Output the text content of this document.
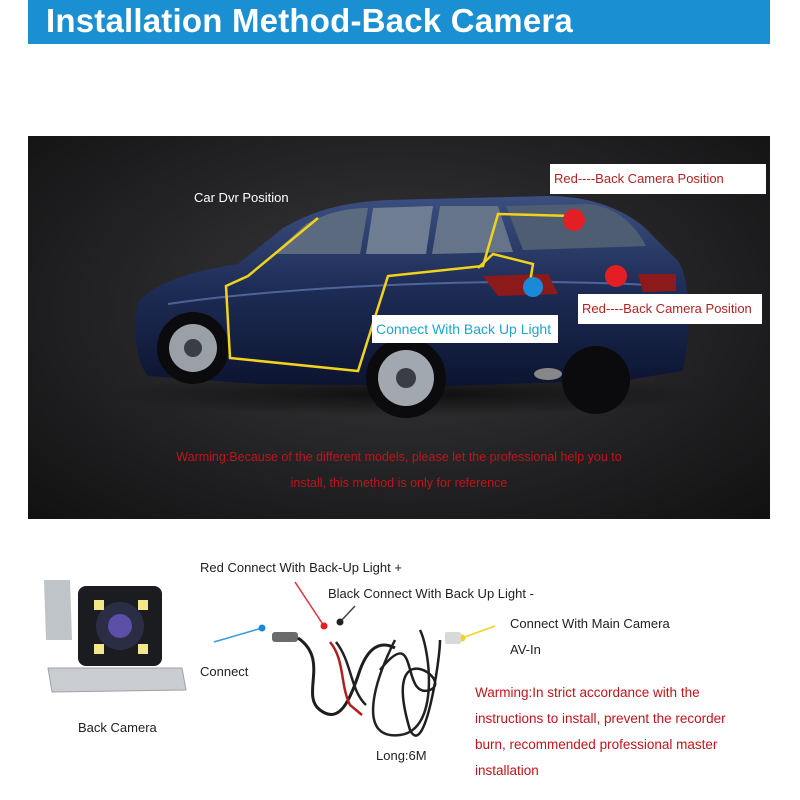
Installation Method-Back Camera
Car Dvr Position
Red----Back Camera Position
Red----Back Camera Position
Connect With Back Up Light
Warming:Because of the different models, please let the professional help you to
install, this method is only for reference
Red Connect With Back-Up Light +
Black Connect With Back Up Light -
Connect With Main Camera
AV-In
Connect
Back Camera
Long:6M
Warming:In strict accordance with the
instructions to install, prevent the recorder
burn, recommended professional master
installation
